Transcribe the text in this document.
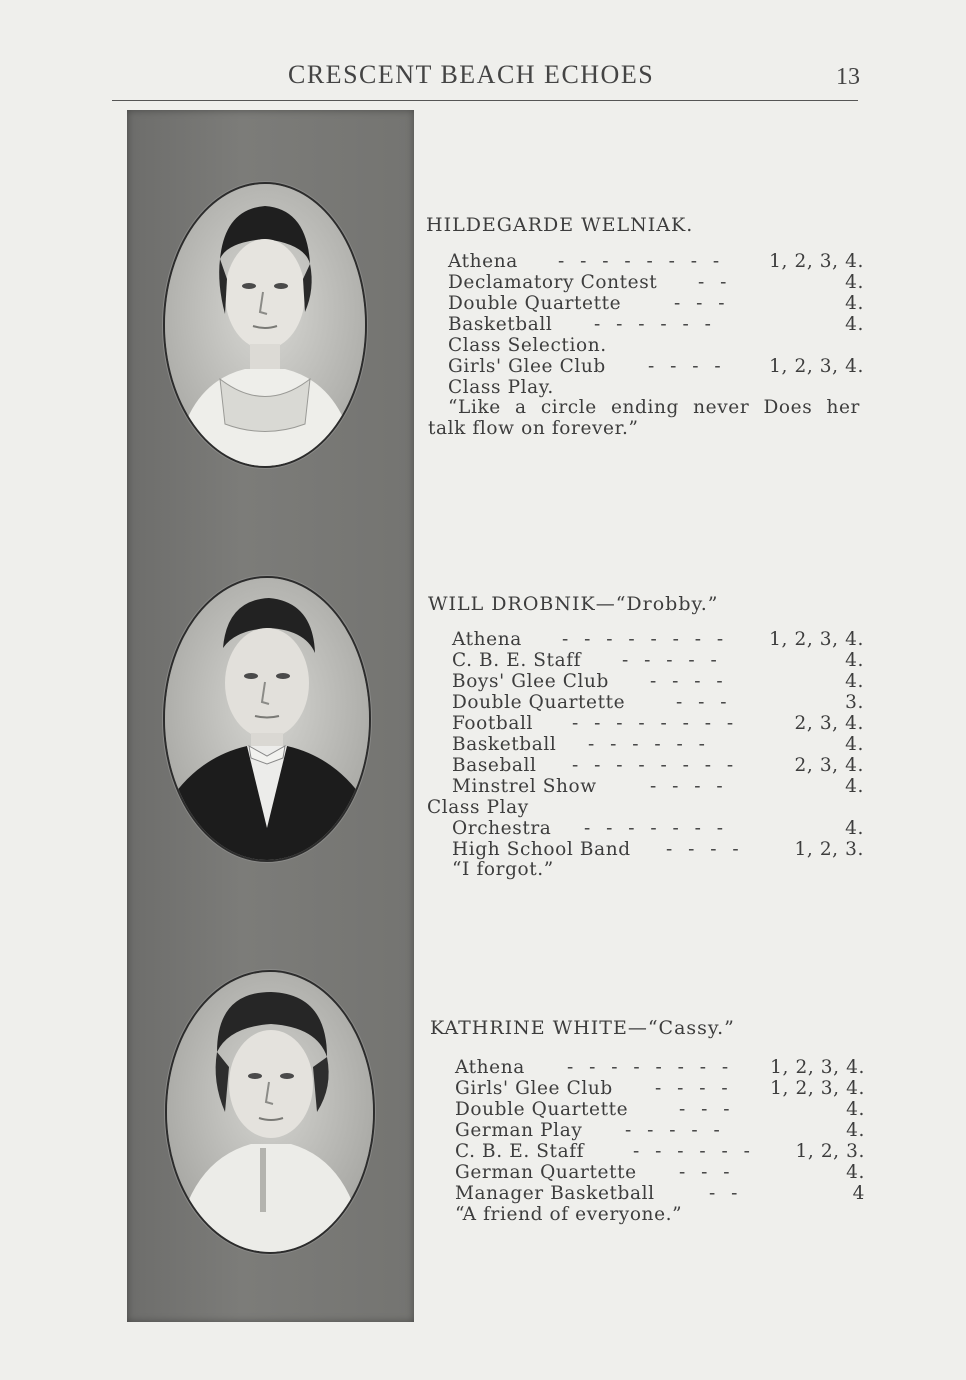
CRESCENT BEACH ECHOES	13
HILDEGARDE WELNIAK.
Athena - - - - - - - - 1, 2, 3, 4.
Declamatory Contest - -	4.
Double Quartette	- - -	4.
Basketball - - - - - -	4.
Class Selection.
Girls' Glee Club - - - - 1, 2, 3, 4.
Class Play.
“Like a circle ending never Does her
talk flow on forever.”
WILL DROBNIK—“Drobby.”
Athena - - - - - - - - 1, 2, 3, 4.
C. B. E. Staff - - - - -	4.
Boys' Glee Club - - - -	4.
Double Quartette	- - -	3.
Football - - - - - - - -	2, 3, 4.
Basketball - - - - - -	4.
Baseball - - - - - - - -	2, 3, 4.
Minstrel Show	- - - -	4.
Class Play
Orchestra - - - - - - -	4.
High School Band - - - -	1, 2, 3.
“I forgot.”
KATHRINE WHITE—“Cassy.”
Athena - - - - - - - - 1, 2, 3, 4.
Girls' Glee Club - - - - 1, 2, 3, 4.
Double Quartette	- - -	4.
German Play - - - - -	4.
C. B. E. Staff	- - - - - - 1, 2, 3.
German Quartette - - -	4.
Manager Basketball	- -	4
“A friend of everyone.”
